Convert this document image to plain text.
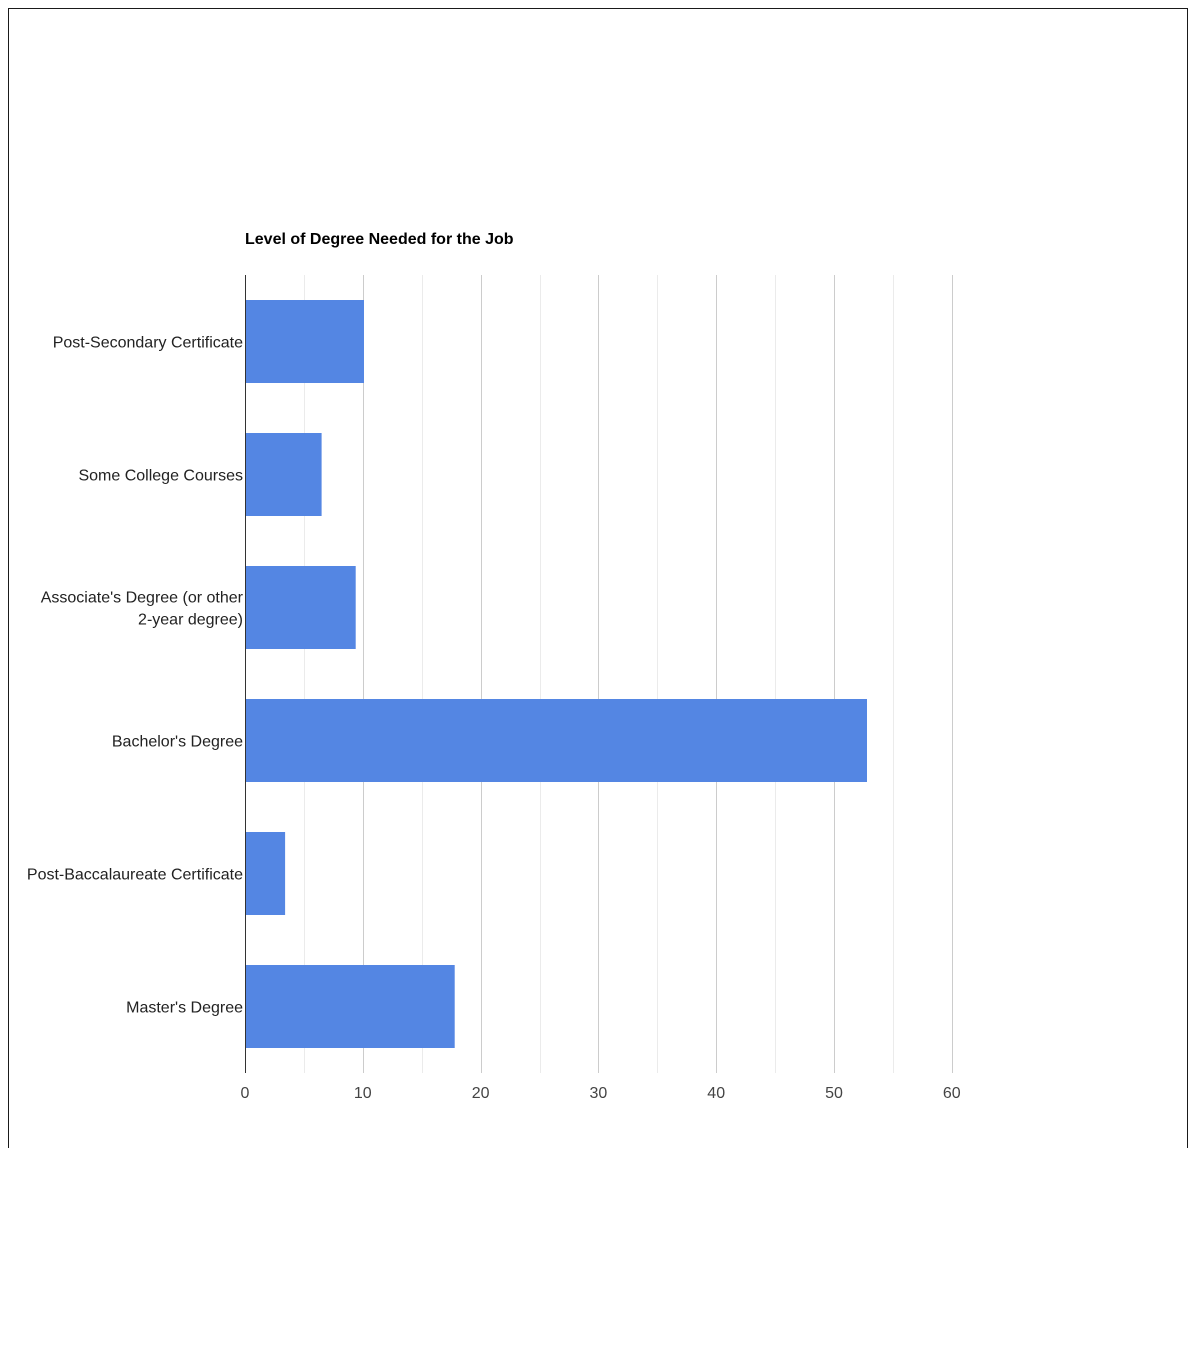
Level of Degree Needed for the Job
Post-Secondary Certificate
Some College Courses
Associate's Degree (or other
2-year degree)
Bachelor's Degree
Post-Baccalaureate Certificate
Master's Degree
0	10	20	30	40	50	60
